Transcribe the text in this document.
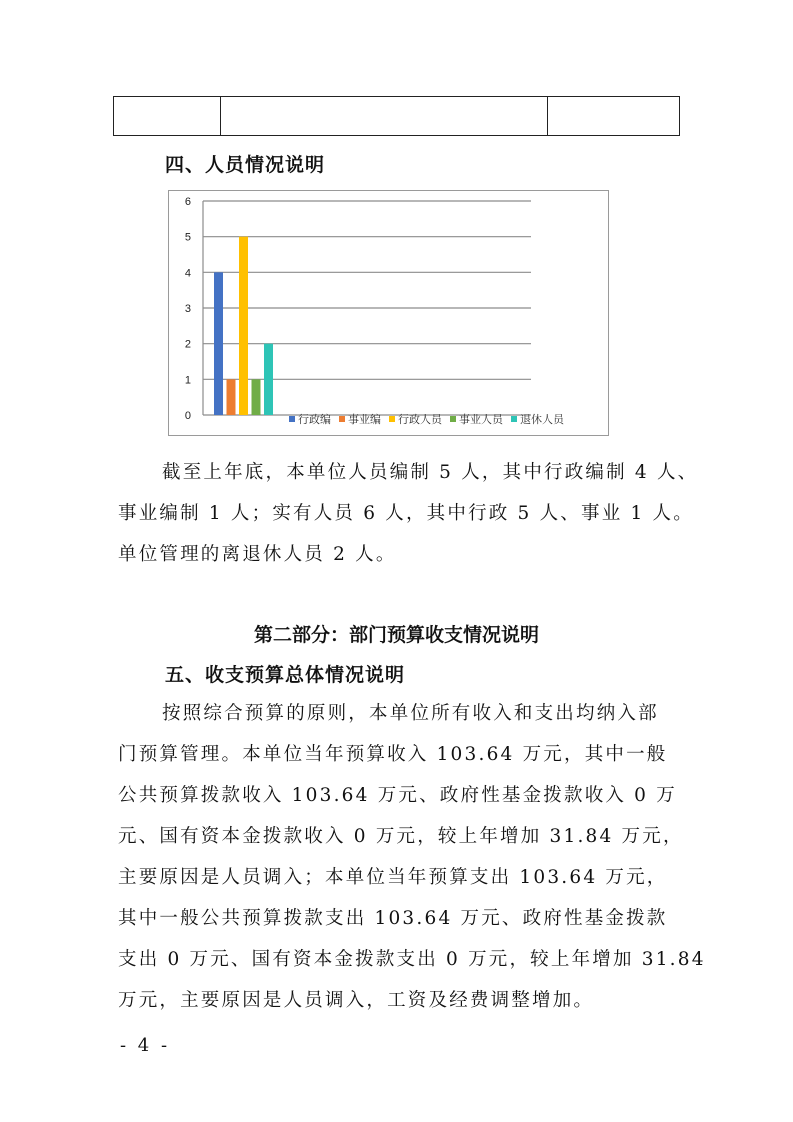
四、人员情况说明
0
1
2
3
4
5
6
行政编 事业编 行政人员 事业人员 退休人员
截至上年底，本单位人员编制 5 人，其中行政编制 4 人、
事业编制 1 人；实有人员 6 人，其中行政 5 人、事业 1 人。
单位管理的离退休人员 2 人。
第二部分：部门预算收支情况说明
五、收支预算总体情况说明
按照综合预算的原则，本单位所有收入和支出均纳入部
门预算管理。本单位当年预算收入 103.64 万元，其中一般
公共预算拨款收入 103.64 万元、政府性基金拨款收入 0 万
元、国有资本金拨款收入 0 万元，较上年增加 31.84 万元，
主要原因是人员调入；本单位当年预算支出 103.64 万元，
其中一般公共预算拨款支出 103.64 万元、政府性基金拨款
支出 0 万元、国有资本金拨款支出 0 万元，较上年增加 31.84
万元，主要原因是人员调入，工资及经费调整增加。
- 4 -
